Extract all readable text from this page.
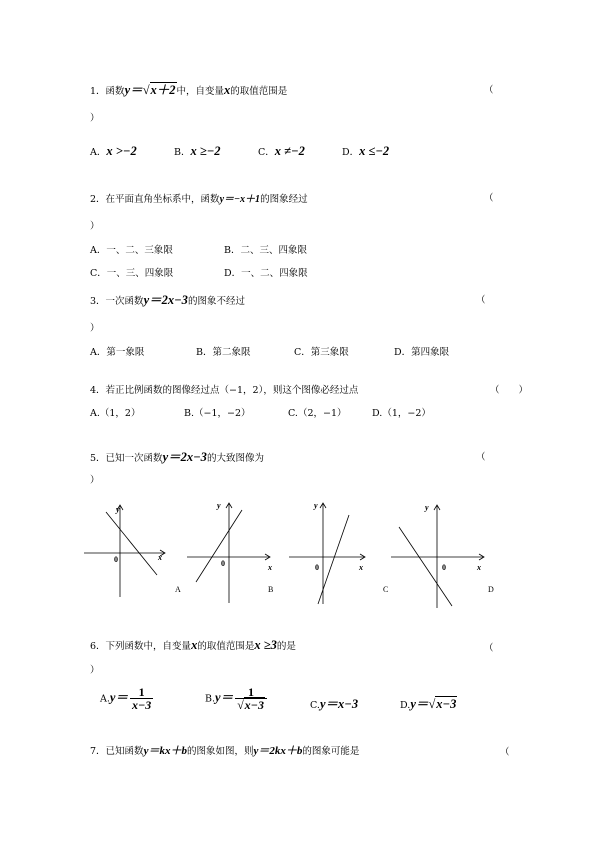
1．函数y＝√x＋2中，自变量x的取值范围是	（
）
A．x >−2	B．x ≥−2	C．x ≠−2	D．x ≤−2
2．在平面直角坐标系中，函数y＝−x＋1的图象经过	（
）
A．一、二、三象限	B．二、三、四象限
C．一、三、四象限	D．一、二、四象限
3．一次函数y＝2x−3的图象不经过	（
）
A．第一象限	B．第二象限	C．第三象限	D．第四象限
4．若正比例函数的图像经过点（−1，2），则这个图像必经过点	（　　）
A.（1，2）	B.（−1，−2）	C.（2，−1）	D.（1，−2）
5．已知一次函数y＝2x−3的大致图像为	（
）
y
x
0
y
x
0
y
x
0
y
x
0
A	B	C	D
6．下列函数中，自变量x的取值范围是x ≥3的是	（
）
$A.y= \frac{1}{x-3}$	$B.y= \frac{1}{√x-3}$	C.y＝x−3	D.y＝√x−3
7．已知函数y＝kx＋b的图象如图，则y＝2kx＋b的图象可能是	（
